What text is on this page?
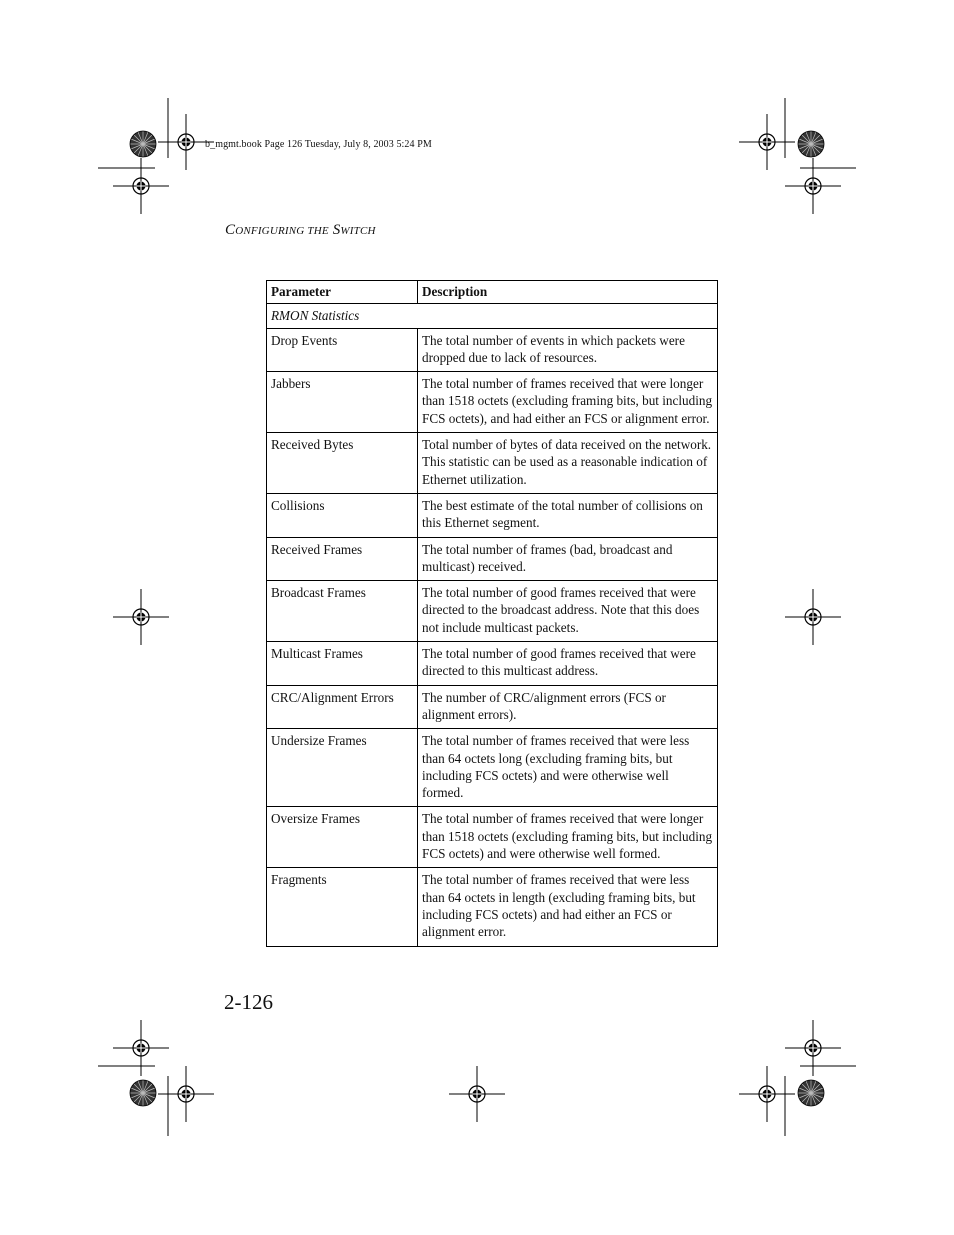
b_mgmt.book Page 126 Tuesday, July 8, 2003 5:24 PM
CONFIGURING THE SWITCH
Parameter	Description
RMON Statistics	
Drop Events	The total number of events in which packets were dropped due to lack of resources.
Jabbers	The total number of frames received that were longer than 1518 octets (excluding framing bits, but including FCS octets), and had either an FCS or alignment error.
Received Bytes	Total number of bytes of data received on the network. This statistic can be used as a reasonable indication of Ethernet utilization.
Collisions	The best estimate of the total number of collisions on this Ethernet segment.
Received Frames	The total number of frames (bad, broadcast and multicast) received.
Broadcast Frames	The total number of good frames received that were directed to the broadcast address. Note that this does not include multicast packets.
Multicast Frames	The total number of good frames received that were directed to this multicast address.
CRC/Alignment Errors	The number of CRC/alignment errors (FCS or alignment errors).
Undersize Frames	The total number of frames received that were less than 64 octets long (excluding framing bits, but including FCS octets) and were otherwise well formed.
Oversize Frames	The total number of frames received that were longer than 1518 octets (excluding framing bits, but including FCS octets) and were otherwise well formed.
Fragments	The total number of frames received that were less than 64 octets in length (excluding framing bits, but including FCS octets) and had either an FCS or alignment error.
2-126
